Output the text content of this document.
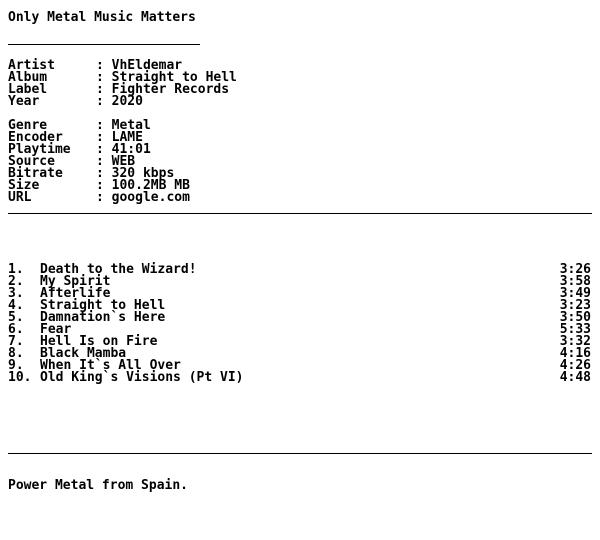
Only Metal Music Matters
Artist	:
VhEldemar
Album	:
Straight to Hell
Label	:
Fighter Records
Year	:
2020
Genre	:
Metal
Encoder	:
LAME
Playtime	:
41:01
Source	:
WEB
Bitrate	:
320 kbps
Size	:
100.2MB MB
URL	:
google.com
1.	Death to the Wizard!	3:26
2.	My Spirit	3:58
3.	Afterlife	3:49
4.	Straight to Hell	3:23
5.	Damnation`s Here	3:50
6.	Fear	5:33
7.	Hell Is on Fire	3:32
8.	Black Mamba	4:16
9.	When It`s All Over	4:26
10. Old King`s Visions (Pt VI)	4:48
Power Metal from Spain.
